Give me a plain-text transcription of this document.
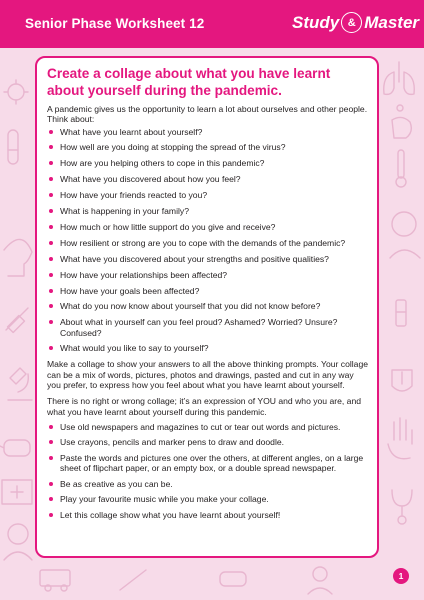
Senior Phase Worksheet 12	Study & Master
Create a collage about what you have learnt about yourself during the pandemic.

A pandemic gives us the opportunity to learn a lot about ourselves and other people. Think about:

What have you learnt about yourself?
How well are you doing at stopping the spread of the virus?
How are you helping others to cope in this pandemic?
What have you discovered about how you feel?
How have your friends reacted to you?
What is happening in your family?
How much or how little support do you give and receive?
How resilient or strong are you to cope with the demands of the pandemic?
What have you discovered about your strengths and positive qualities?
How have your relationships been affected?
How have your goals been affected?
What do you now know about yourself that you did not know before?
About what in yourself can you feel proud? Ashamed? Worried? Unsure? Confused?
What would you like to say to yourself?

Make a collage to show your answers to all the above thinking prompts. Your collage can be a mix of words, pictures, photos and drawings, pasted and cut in any way you prefer, to express how you feel about what you have learnt about yourself.

There is no right or wrong collage; it’s an expression of YOU and who you are, and what you have learnt about yourself during this pandemic.

Use old newspapers and magazines to cut or tear out words and pictures.
Use crayons, pencils and marker pens to draw and doodle.
Paste the words and pictures one over the others, at different angles, on a large sheet of flipchart paper, or an empty box, or a double spread newspaper.
Be as creative as you can be.
Play your favourite music while you make your collage.
Let this collage show what you have learnt about yourself!
1
